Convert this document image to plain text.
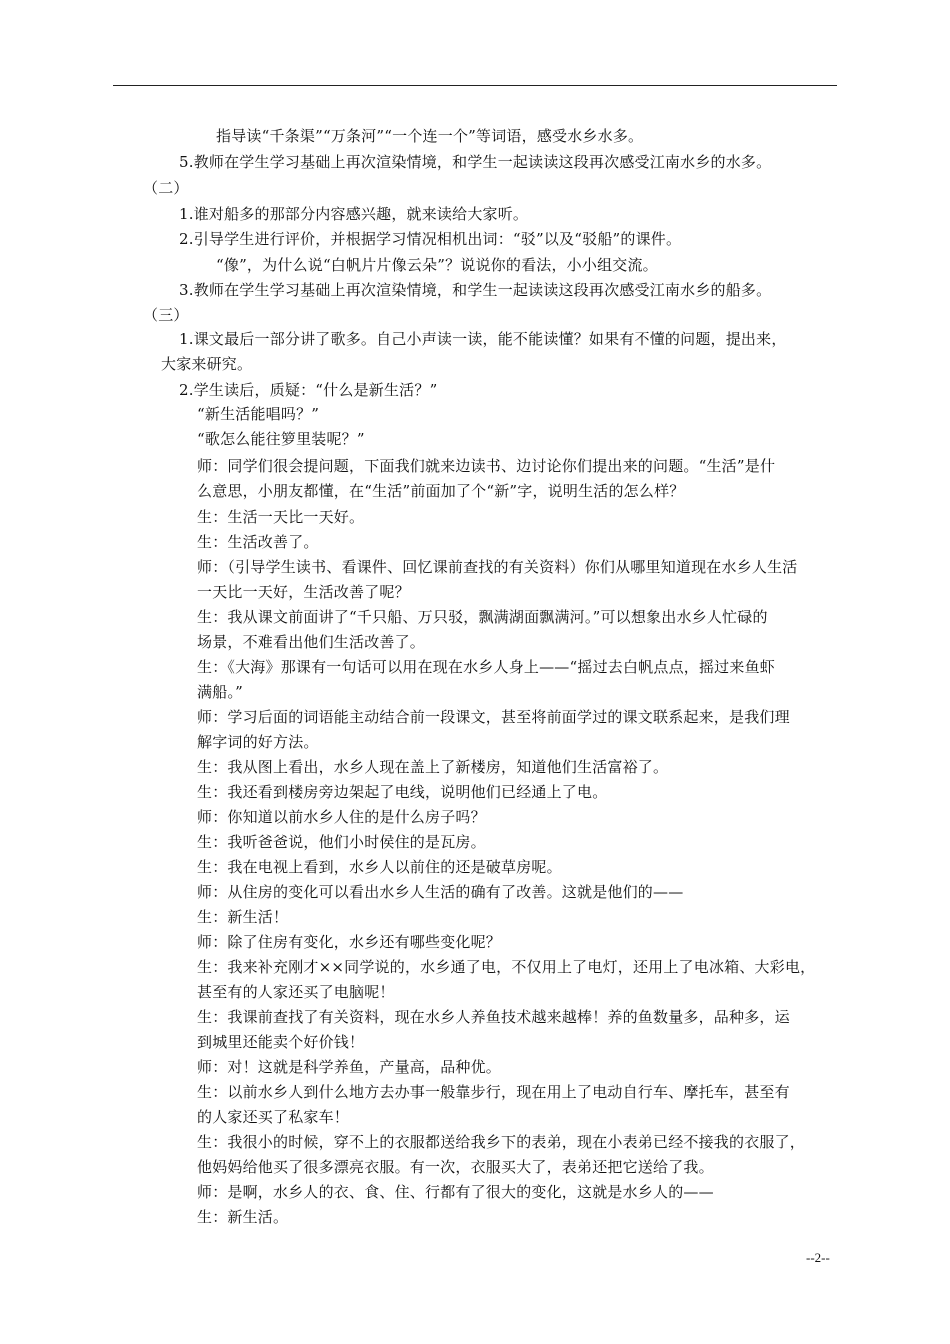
指导读“千条渠”“万条河”“一个连一个”等词语，感受水乡水多。
5.教师在学生学习基础上再次渲染情境，和学生一起读读这段再次感受江南水乡的水多。
（二）
1.谁对船多的那部分内容感兴趣，就来读给大家听。
2.引导学生进行评价，并根据学习情况相机出词：“驳”以及“驳船”的课件。
“像”，为什么说“白帆片片像云朵”？说说你的看法，小小组交流。
3.教师在学生学习基础上再次渲染情境，和学生一起读读这段再次感受江南水乡的船多。
（三）
1.课文最后一部分讲了歌多。自己小声读一读，能不能读懂？如果有不懂的问题，提出来，
大家来研究。
2.学生读后，质疑：“什么是新生活？”
“新生活能唱吗？”
“歌怎么能往箩里装呢？”
师：同学们很会提问题，下面我们就来边读书、边讨论你们提出来的问题。“生活”是什
么意思，小朋友都懂，在“生活”前面加了个“新”字，说明生活的怎么样？
生：生活一天比一天好。
生：生活改善了。
师：（引导学生读书、看课件、回忆课前查找的有关资料）你们从哪里知道现在水乡人生活
一天比一天好，生活改善了呢？
生：我从课文前面讲了“千只船、万只驳，飘满湖面飘满河。”可以想象出水乡人忙碌的
场景，不难看出他们生活改善了。
生：《大海》那课有一句话可以用在现在水乡人身上——“摇过去白帆点点，摇过来鱼虾
满船。”
师：学习后面的词语能主动结合前一段课文，甚至将前面学过的课文联系起来，是我们理
解字词的好方法。
生：我从图上看出，水乡人现在盖上了新楼房，知道他们生活富裕了。
生：我还看到楼房旁边架起了电线，说明他们已经通上了电。
师：你知道以前水乡人住的是什么房子吗？
生：我听爸爸说，他们小时侯住的是瓦房。
生：我在电视上看到，水乡人以前住的还是破草房呢。
师：从住房的变化可以看出水乡人生活的确有了改善。这就是他们的——
生：新生活！
师：除了住房有变化，水乡还有哪些变化呢？
生：我来补充刚才××同学说的，水乡通了电，不仅用上了电灯，还用上了电冰箱、大彩电，
甚至有的人家还买了电脑呢！
生：我课前查找了有关资料，现在水乡人养鱼技术越来越棒！养的鱼数量多，品种多，运
到城里还能卖个好价钱！
师：对！这就是科学养鱼，产量高，品种优。
生：以前水乡人到什么地方去办事一般靠步行，现在用上了电动自行车、摩托车，甚至有
的人家还买了私家车！
生：我很小的时候，穿不上的衣服都送给我乡下的表弟，现在小表弟已经不接我的衣服了，
他妈妈给他买了很多漂亮衣服。有一次，衣服买大了，表弟还把它送给了我。
师：是啊，水乡人的衣、食、住、行都有了很大的变化，这就是水乡人的——
生：新生活。
--2--
